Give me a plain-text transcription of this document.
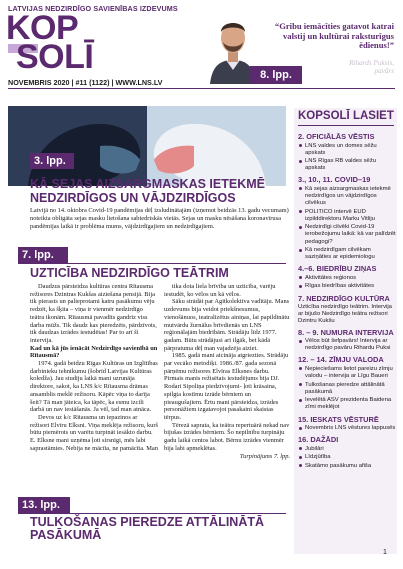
LATVIJAS NEDZIRDĪGO SAVIENĪBAS IZDEVUMS
KOP
SOLĪ
NOVEMBRIS 2020 | #11 (1122) | WWW.LNS.LV
“Gribu iemācīties gatavot katrai valstij un kultūrai raksturīgus ēdienus!”
Rihards Puksis,
pavārs
8. lpp.
3. lpp.
KĀ SEJAS AIZSARGMASKAS IETEKMĒ NEDZIRDĪGOS UN VĀJDZIRDĪGOS
Latvijā no 14. oktobra Covid-19 pandēmijas dēļ izsludinātajām (izņemot beidzās 13. gadu vecumam) noteikta obligāta sejas masku lietošana sabiedriskās vietās. Sejas un masku nēsāšana koronavīrusa pandēmijas laikā ir problēma mums, vājdzirdīgajiem un nedzirdīgajiem.
7. lpp.
UZTICĪBA NEDZIRDĪGO TEĀTRIM

Daudzus pārsteidza kultūras centra Rītausma režisores Dzintras Kukšas aiziešana pensijā. Bija tik pierasts un palieprotami katru pasākumu vēju redzēt, ka šķita – viņa ir vienmēr nedzirdīgo teātra ikonām. Rītausmā pavadīts gandrīz viss darba mūžs. Tik daudz kas pieredzēts, pārdzīvots, tik daudzas izrādes iestudētas! Par to arī šī intervija.

Kad un kā jūs ienācāt Nedzirdīgo savienībā un Rītausmā?

1974. gadā beidzu Rīgas Kultūras un Izglītības darbinieku tehnikumu (šobrīd Latvijas Kultūras koledža). Jau studiju laikā mani uzrunāja direktore, sakot, ka LNS k/c Rītausma drāmas ansamblis meklē režisoru. Kāpēc viņa to darīja šeit? Tā man jāteica, ka tāpēc, ka esmu izcili darbā un nav iestāšanās. Ja vēl, tad man atnāca.

Devos uz k/c Rītausma un iepazinos ar režisori Elvīru Elksni. Viņa meklēja režisoru, kurš būtu piemērots un varētu turpināt iesākto darbu. E. Elksne mani uzņēma ļoti sirsnīgi, mēs labi saprastāmies. Nebija ne mācīta, ne pamācīta. Man

tika dota liela brīvība un uzticība, varēju iestudēt, ko vēlos un kā vēlos.

Sāku strādāt par Agitkolektīva vadītāju. Mans uzdevums bija veidot priekšnesumus, vienošānuos, teatralizētus ainiņas, lai papildinātu mutvārdu žurnālus brīvdienās un LNS reģionālajām biedrībām. Strādāju līdz 1977. gadam. Būtu strādājusi arī ilgāk, bet kādā pārpratuma dēļ man vajadzēja aiziet.

1985. gadā mani aicināja atgriezties. Strādāju par vecāko metodiķi. 1986./87. gada sezonā pārņēmu režisores Elvīras Elksnes darbu. Pirmais manis režisētais iestudējums bija DJ. Rodari Sipoliņa piedzīvojumi- ļoti krāsaina, spilgta kostīmu izrāde bērniem un pieaugušajiem. Ērtu mani pārsteidza, izrādes personāžiem izgatavojot pasakaini skaistas tērpus.

Tērezā saprata, ka teātra repertuārā nekad nav bijušas izrādes bērniem. Šo nepilnību turpināju gadu laikā centos labot. Bērnu izrādes vienmēr bija labi apmeklētas.

Turpinājums 7. lpp.
13. lpp.
TULKOŠANAS PIEREDZE ATTĀLINĀTĀ PASĀKUMĀ
KOPSOLĪ LASIET
2. OFICIĀLĀS VĒSTIS
LNS valdes un domes sēžu apskats
LNS Rīgas RB valdes sēžu apskats
3., 10., 11. COVID–19
Kā sejas aizsargmaskas ietekmē nedzirdīgos un vājdzirdīgos cilvēkus
POLITICO intervē EUD izpilddirektoru Marku Vitliju
Nedzirdīgi cilvēki Covid-19 ierobežojumu laikā: kā var palīdzēt pedagogi?
Kā nedzirdīgam cilvēkam saziņāties ar epidemiologu
4.–6. BIEDRĪBU ZIŅAS
Aktivitātes reģionos
Rīgas biedrības aktivitātes
7. NEDZIRDĪGO KULTŪRA
Uzticība nedzirdīgo teātrim. Intervija ar bijušo Nedzirdīgo teātra režisori Dzintru Kukšu
8. – 9. NUMURA INTERVIJA
Vēlos būt šefpavārs! Intervija ar nedzirdīgo pavāru Rihardu Puksi
12. – 14. ZĪMJU VALODA
Nepieciešams lietot pareizu zīmju valodu – intervija ar Līgu Baueri
Tulkošanas pieredze attālinātā pasākumā
Ievelētā ASV prezidenta Baidena zīmi meklējot
15. ІЕSKATS VĒSTURĒ
Novembris LNS vēstures lappusēs
16. DAŽĀDI
Jubilāri
Līdzjūtība
Skatāmo pasākumu afiša
1
